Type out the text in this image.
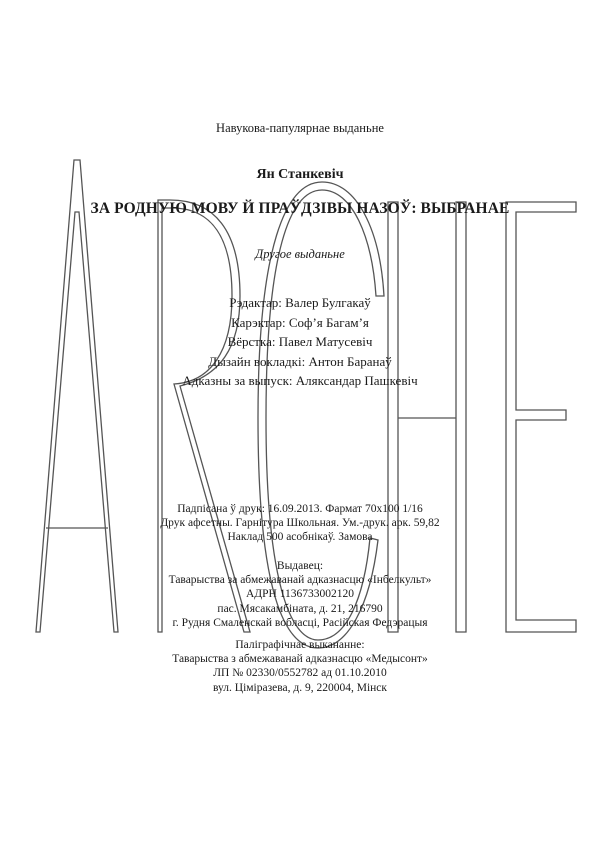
Навукова-папулярнае выданьне
Ян Станкевіч
ЗА РОДНУЮ МОВУ Й ПРАЎДЗІВЫ НАЗОЎ: ВЫБРАНАЕ
Другое выданьне
Рэдактар: Валер Булгакаў
Карэктар: Соф’я Багам’я
Вёрстка: Павел Матусевіч
Дызайн вокладкі: Антон Баранаў
Адказны за выпуск: Аляксандар Пашкевіч
Падпісана ў друк: 16.09.2013. Фармат 70х100 1/16
Друк афсетны. Гарнітура Школьная. Ум.-друк. арк. 59,82
Наклад 500 асобнікаў. Замова
Выдавец:
Таварыства за абмежаванай адказнасцю «Інбелкульт»
АДРН 1136733002120
пас. Мясакамбіната, д. 21, 216790
г. Рудня Смаленскай вобласці, Расійская Федэрацыя
Паліграфічнае выкананне:
Таварыства з абмежаванай адказнасцю «Медысонт»
ЛП № 02330/0552782 ад 01.10.2010
вул. Ціміразева, д. 9, 220004, Мінск
